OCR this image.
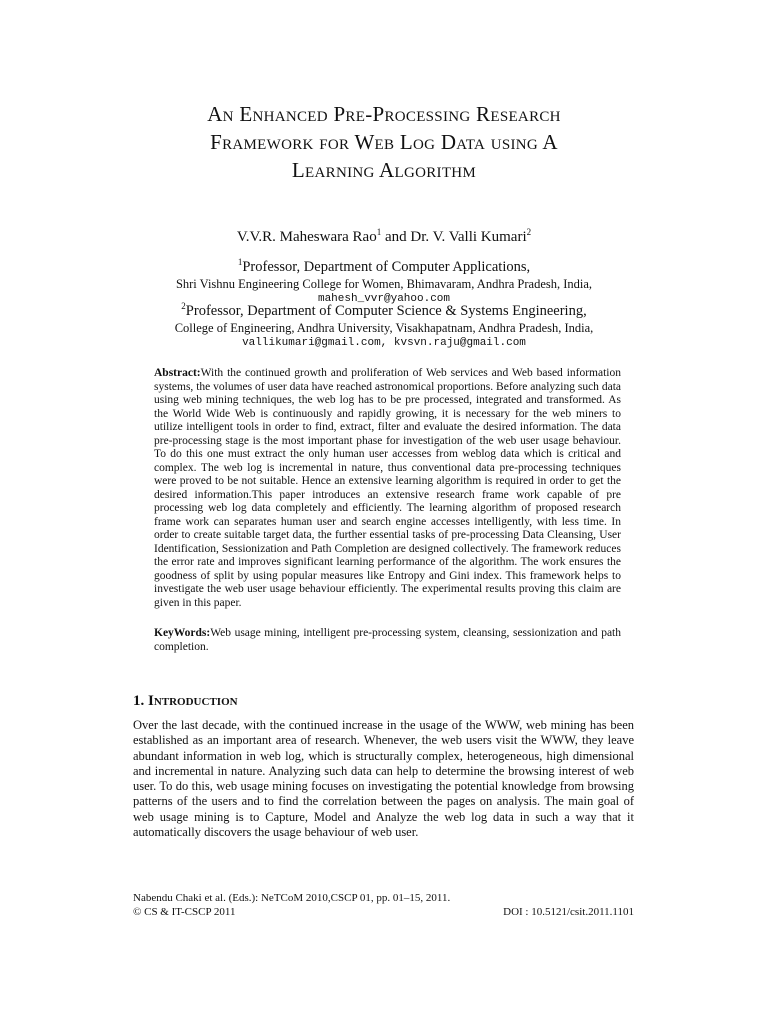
An Enhanced Pre-Processing Research
Framework for Web Log Data using A
Learning Algorithm
V.V.R. Maheswara Rao$^1$ and Dr. V. Valli Kumari$^2$
$^1$Professor, Department of Computer Applications,
Shri Vishnu Engineering College for Women, Bhimavaram, Andhra Pradesh, India,
mahesh_vvr@yahoo.com
$^2$Professor, Department of Computer Science & Systems Engineering,
College of Engineering, Andhra University, Visakhapatnam, Andhra Pradesh, India,
vallikumari@gmail.com, kvsvn.raju@gmail.com
Abstract:With the continued growth and proliferation of Web services and Web based information systems, the volumes of user data have reached astronomical proportions. Before analyzing such data using web mining techniques, the web log has to be pre processed, integrated and transformed. As the World Wide Web is continuously and rapidly growing, it is necessary for the web miners to utilize intelligent tools in order to find, extract, filter and evaluate the desired information. The data pre-processing stage is the most important phase for investigation of the web user usage behaviour. To do this one must extract the only human user accesses from weblog data which is critical and complex. The web log is incremental in nature, thus conventional data pre-processing techniques were proved to be not suitable. Hence an extensive learning algorithm is required in order to get the desired information.This paper introduces an extensive research frame work capable of pre processing web log data completely and efficiently. The learning algorithm of proposed research frame work can separates human user and search engine accesses intelligently, with less time. In order to create suitable target data, the further essential tasks of pre-processing Data Cleansing, User Identification, Sessionization and Path Completion are designed collectively. The framework reduces the error rate and improves significant learning performance of the algorithm. The work ensures the goodness of split by using popular measures like Entropy and Gini index. This framework helps to investigate the web user usage behaviour efficiently. The experimental results proving this claim are given in this paper.
KeyWords:Web usage mining, intelligent pre-processing system, cleansing, sessionization and path completion.
1. Introduction
Over the last decade, with the continued increase in the usage of the WWW, web mining has been established as an important area of research. Whenever, the web users visit the WWW, they leave abundant information in web log, which is structurally complex, heterogeneous, high dimensional and incremental in nature. Analyzing such data can help to determine the browsing interest of web user. To do this, web usage mining focuses on investigating the potential knowledge from browsing patterns of the users and to find the correlation between the pages on analysis. The main goal of web usage mining is to Capture, Model and Analyze the web log data in such a way that it automatically discovers the usage behaviour of web user.
Nabendu Chaki et al. (Eds.): NeTCoM 2010,CSCP 01, pp. 01–15, 2011.
© CS & IT-CSCP 2011	DOI : 10.5121/csit.2011.1101
